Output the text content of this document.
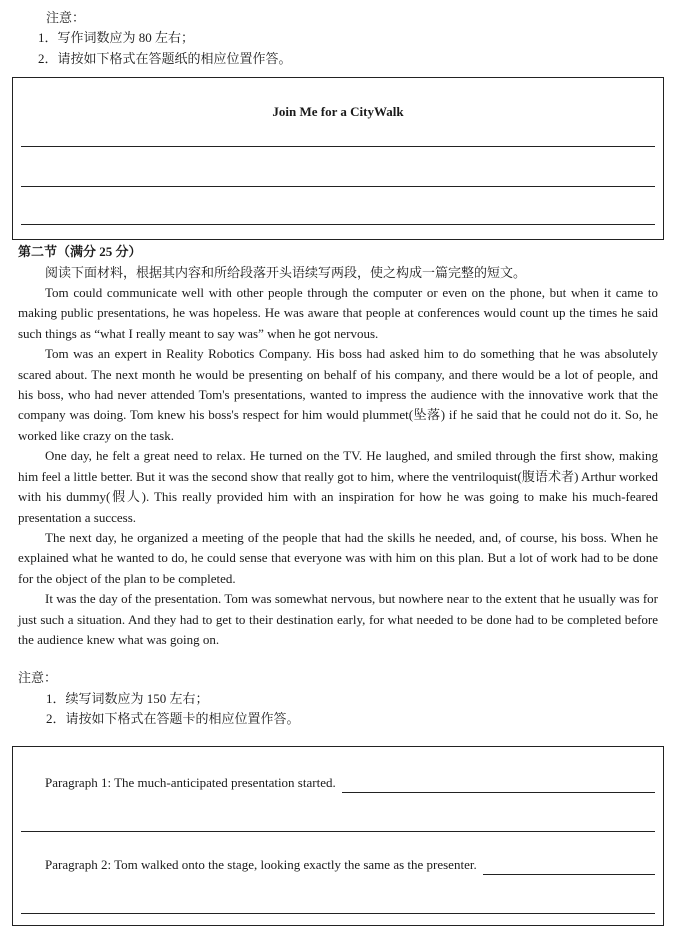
注意：
1．写作词数应为 80 左右；
2．请按如下格式在答题纸的相应位置作答。
Join Me for a CityWalk
第二节（满分 25 分）

阅读下面材料，根据其内容和所给段落开头语续写两段，使之构成一篇完整的短文。

Tom could communicate well with other people through the computer or even on the phone, but when it came to making public presentations, he was hopeless. He was aware that people at conferences would count up the times he said such things as “what I really meant to say was” when he got nervous.

Tom was an expert in Reality Robotics Company. His boss had asked him to do something that he was absolutely scared about. The next month he would be presenting on behalf of his company, and there would be a lot of people, and his boss, who had never attended Tom's presentations, wanted to impress the audience with the innovative work that the company was doing. Tom knew his boss's respect for him would plummet(坠落) if he said that he could not do it. So, he worked like crazy on the task.

One day, he felt a great need to relax. He turned on the TV. He laughed, and smiled through the first show, making him feel a little better. But it was the second show that really got to him, where the ventriloquist(腹语术者) Arthur worked with his dummy(假人). This really provided him with an inspiration for how he was going to make his much-feared presentation a success.

The next day, he organized a meeting of the people that had the skills he needed, and, of course, his boss. When he explained what he wanted to do, he could sense that everyone was with him on this plan. But a lot of work had to be done for the object of the plan to be completed.

It was the day of the presentation. Tom was somewhat nervous, but nowhere near to the extent that he usually was for just such a situation. And they had to get to their destination early, for what needed to be done had to be completed before the audience knew what was going on.

注意：
1．续写词数应为 150 左右；
2．请按如下格式在答题卡的相应位置作答。
Paragraph 1: The much-anticipated presentation started.
Paragraph 2: Tom walked onto the stage, looking exactly the same as the presenter.
